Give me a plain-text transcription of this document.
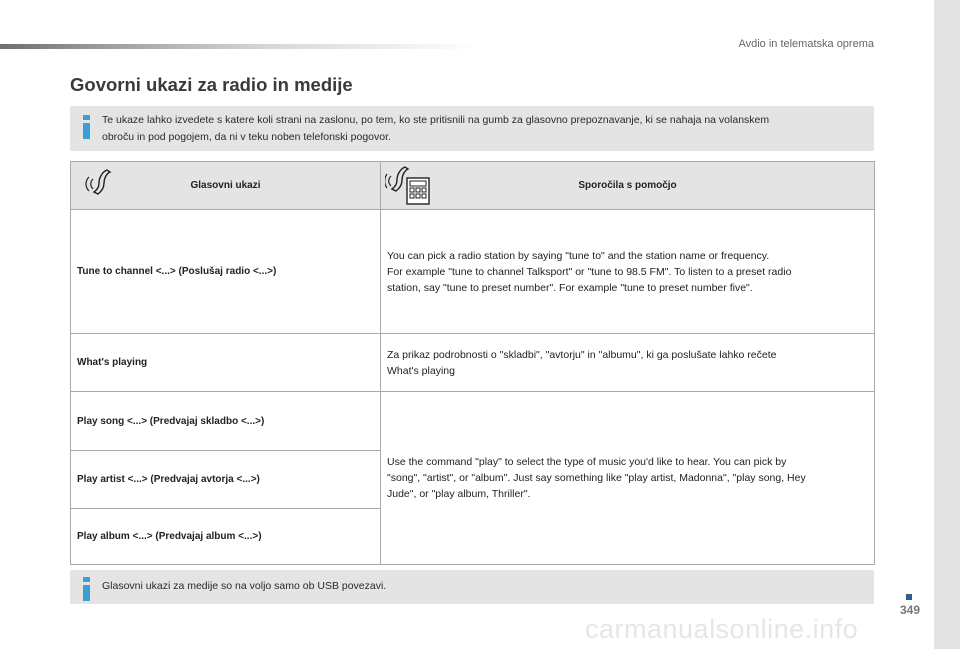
Avdio in telematska oprema
Govorni ukazi za radio in medije
Te ukaze lahko izvedete s katere koli strani na zaslonu, po tem, ko ste pritisnili na gumb za glasovno prepoznavanje, ki se nahaja na volanskem
obroču in pod pogojem, da ni v teku noben telefonski pogovor.
Glasovni ukazi	Sporočila s pomočjo
Tune to channel <...> (Poslušaj radio <...>)	You can pick a radio station by saying "tune to" and the station name or frequency.
For example "tune to channel Talksport" or "tune to 98.5 FM". To listen to a preset radio
station, say "tune to preset number". For example "tune to preset number five".

What's playing	Za prikaz podrobnosti o "skladbi", "avtorju" in "albumu", ki ga poslušate lahko rečete
What's playing

Play song <...> (Predvajaj skladbo <...>)	Use the command "play" to select the type of music you'd like to hear. You can pick by
"song", "artist", or "album". Just say something like "play artist, Madonna", "play song, Hey
Jude", or "play album, Thriller".

Play artist <...> (Predvajaj avtorja <...>)	
Play album <...> (Predvajaj album <...>)	
Glasovni ukazi za medije so na voljo samo ob USB povezavi.
349
carmanualsonline.info
